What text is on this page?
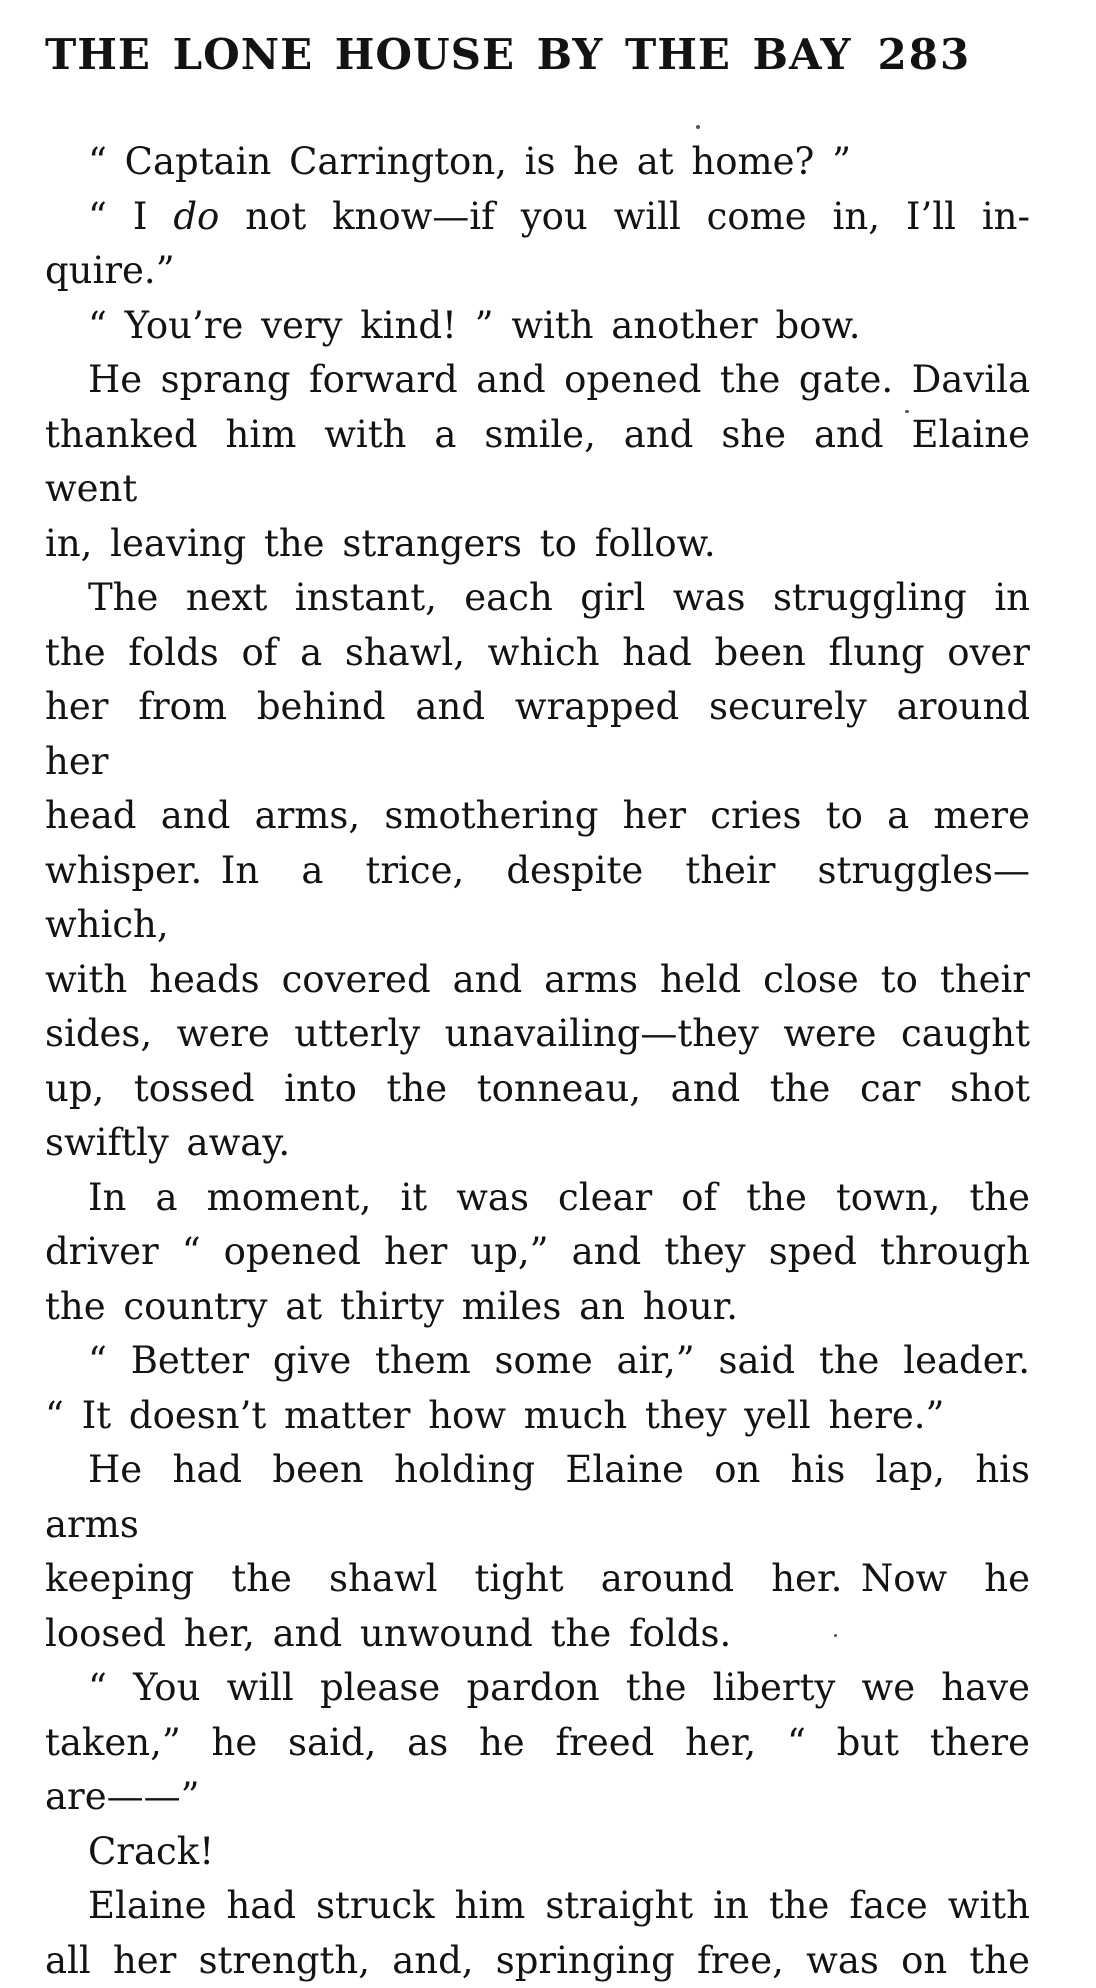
THE LONE HOUSE BY THE BAY 283
“ Captain Carrington, is he at home? ”
“ I do not know—if you will come in, I’ll in-
quire.”
“ You’re very kind! ” with another bow.
He sprang forward and opened the gate. Davila
thanked him with a smile, and she and Elaine went
in, leaving the strangers to follow.
The next instant, each girl was struggling in
the folds of a shawl, which had been flung over
her from behind and wrapped securely around her
head and arms, smothering her cries to a mere
whisper. In a trice, despite their struggles—which,
with heads covered and arms held close to their
sides, were utterly unavailing—they were caught
up, tossed into the tonneau, and the car shot
swiftly away.
In a moment, it was clear of the town, the
driver “ opened her up,” and they sped through
the country at thirty miles an hour.
“ Better give them some air,” said the leader.
“ It doesn’t matter how much they yell here.”
He had been holding Elaine on his lap, his arms
keeping the shawl tight around her. Now he
loosed her, and unwound the folds.
“ You will please pardon the liberty we have
taken,” he said, as he freed her, “ but there
are——”
Crack!
Elaine had struck him straight in the face with
all her strength, and, springing free, was on the
